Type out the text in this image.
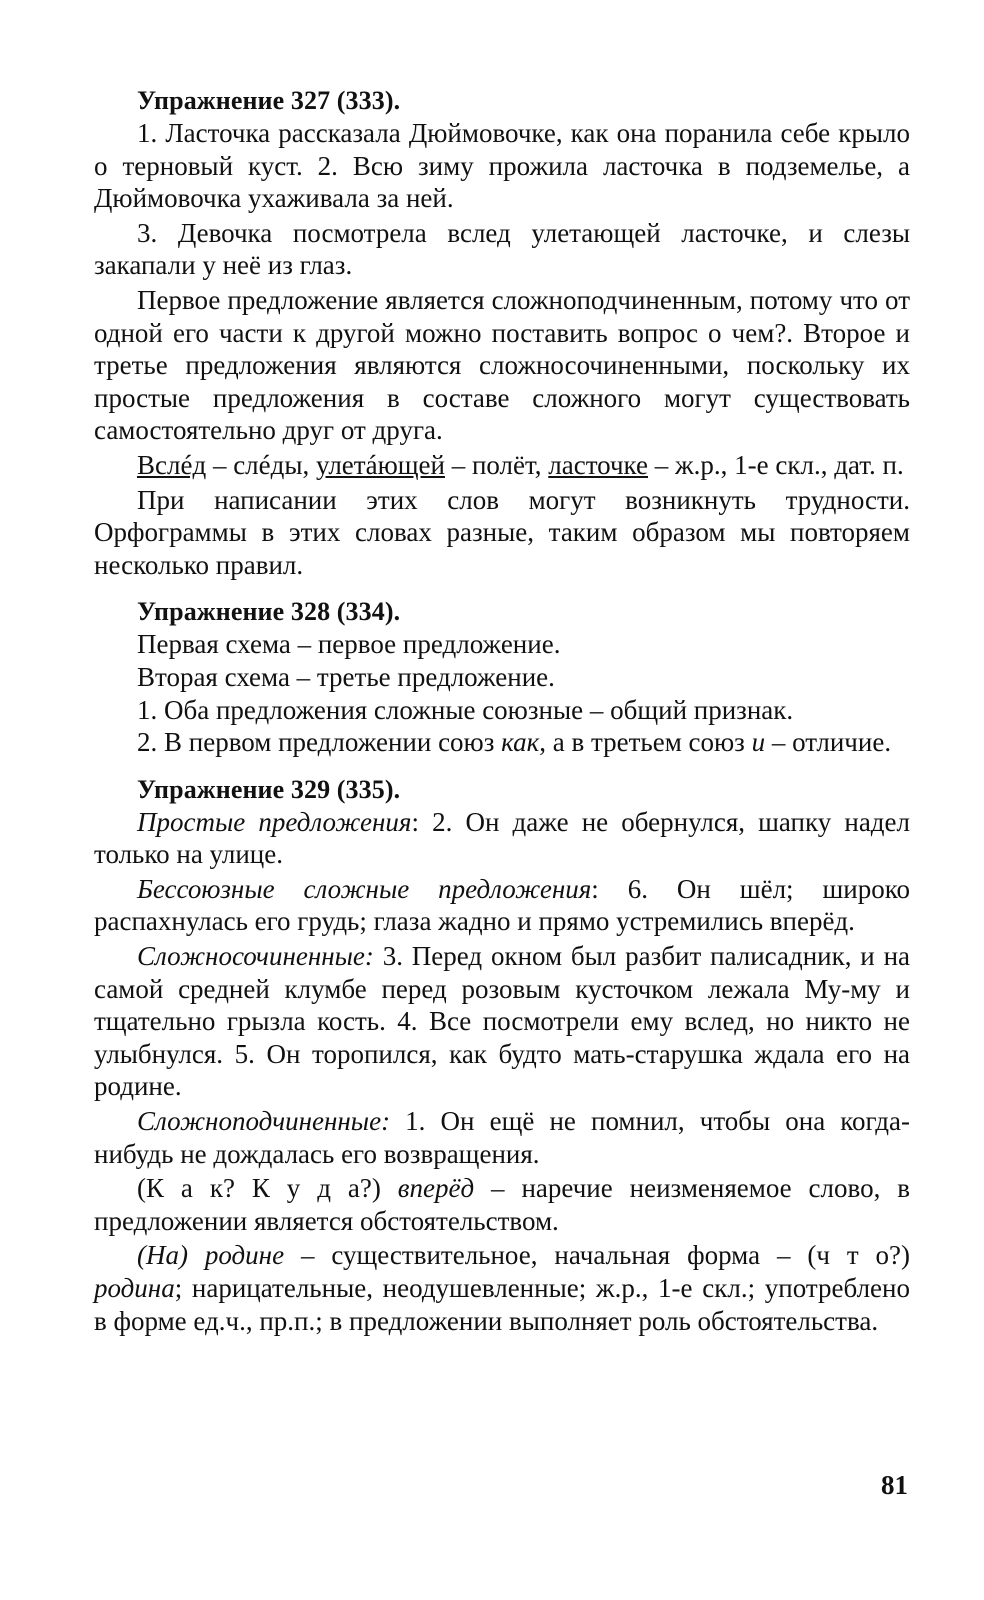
Упражнение 327 (333).

1. Ласточка рассказала Дюймовочке, как она поранила себе крыло о терновый куст. 2. Всю зиму прожила ласточка в подземелье, а Дюймовочка ухаживала за ней.

3. Девочка посмотрела вслед улетающей ласточке, и слезы закапали у неё из глаз.

Первое предложение является сложноподчиненным, потому что от одной его части к другой можно поставить вопрос о чем?. Второе и третье предложения являются сложносочиненными, поскольку их простые предложения в составе сложного могут существовать самостоятельно друг от друга.

Вслéд – слéды, улетáющей – полёт, ласточке – ж.р., 1-е скл., дат. п.

При написании этих слов могут возникнуть трудности. Орфограммы в этих словах разные, таким образом мы повторяем несколько правил.

Упражнение 328 (334).

Первая схема – первое предложение.

Вторая схема – третье предложение.

1. Оба предложения сложные союзные – общий признак.

2. В первом предложении союз как, а в третьем союз и – отличие.

Упражнение 329 (335).

Простые предложения: 2. Он даже не обернулся, шапку надел только на улице.

Бессоюзные сложные предложения: 6. Он шёл; широко распахнулась его грудь; глаза жадно и прямо устремились вперёд.

Сложносочиненные: 3. Перед окном был разбит палисадник, и на самой средней клумбе перед розовым кусточком лежала Му-му и тщательно грызла кость. 4. Все посмотрели ему вслед, но никто не улыбнулся. 5. Он торопился, как будто мать-старушка ждала его на родине.

Сложноподчиненные: 1. Он ещё не помнил, чтобы она когда-нибудь не дождалась его возвращения.

(К а к? К у д а?) вперёд – наречие неизменяемое слово, в предложении является обстоятельством.

(На) родине – существительное, начальная форма – (ч т о?) родина; нарицательные, неодушевленные; ж.р., 1-е скл.; употреблено в форме ед.ч., пр.п.; в предложении выполняет роль обстоятельства.

81
